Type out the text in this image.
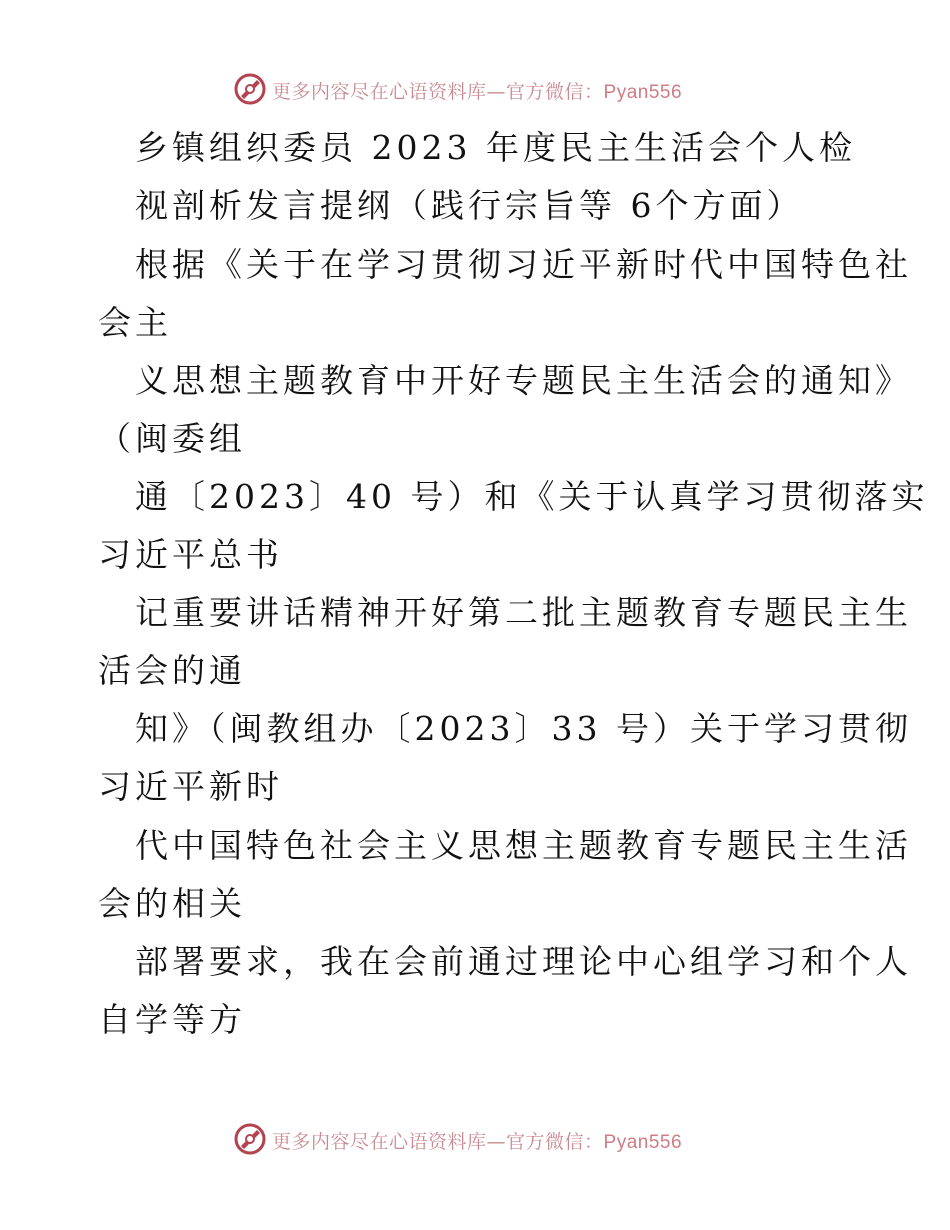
更多内容尽在心语资料库—官方微信：Pyan556
乡镇组织委员 2023 年度民主生活会个人检
视剖析发言提纲（践行宗旨等 6个方面）
根据《关于在学习贯彻习近平新时代中国特色社
会主
义思想主题教育中开好专题民主生活会的通知》
（闽委组
通〔2023〕40 号）和《关于认真学习贯彻落实
习近平总书
记重要讲话精神开好第二批主题教育专题民主生
活会的通
知》（闽教组办〔2023〕33 号）关于学习贯彻
习近平新时
代中国特色社会主义思想主题教育专题民主生活
会的相关
部署要求，我在会前通过理论中心组学习和个人
自学等方
更多内容尽在心语资料库—官方微信：Pyan556
